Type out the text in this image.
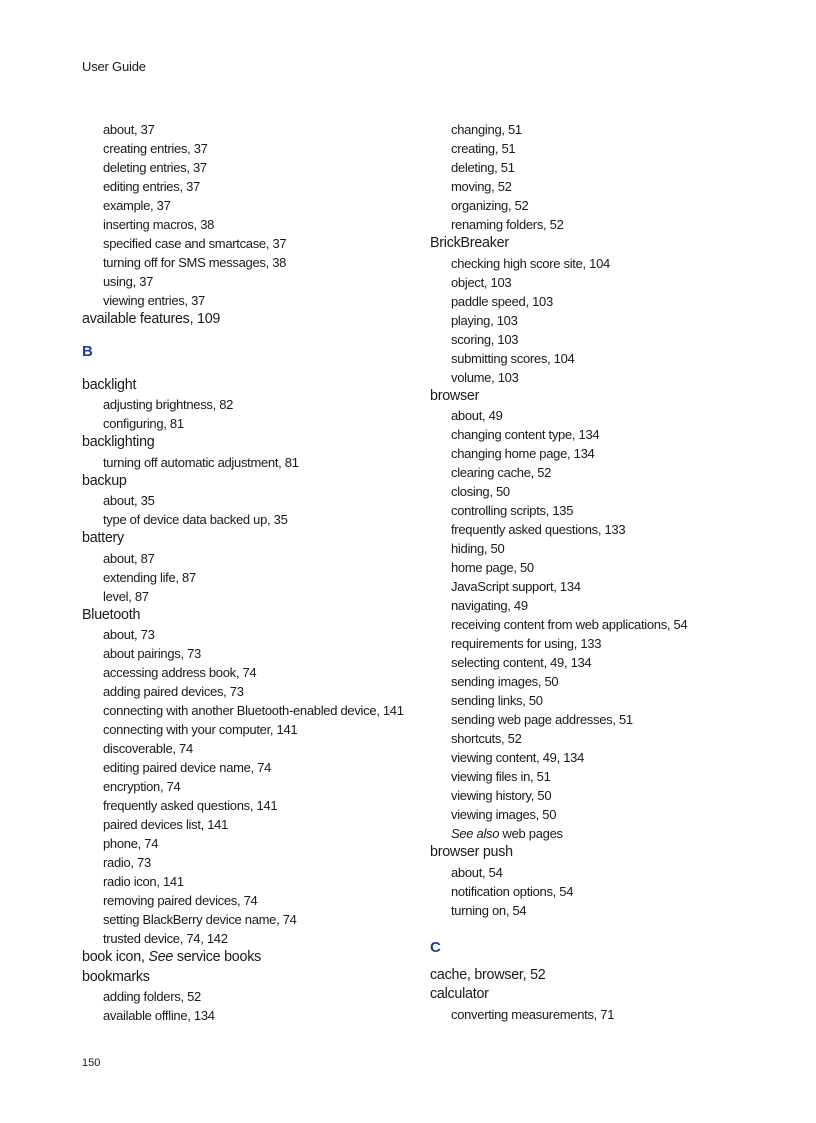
User Guide
about, 37
creating entries, 37
deleting entries, 37
editing entries, 37
example, 37
inserting macros, 38
specified case and smartcase, 37
turning off for SMS messages, 38
using, 37
viewing entries, 37
available features, 109
B
backlight
adjusting brightness, 82
configuring, 81
backlighting
turning off automatic adjustment, 81
backup
about, 35
type of device data backed up, 35
battery
about, 87
extending life, 87
level, 87
Bluetooth
about, 73
about pairings, 73
accessing address book, 74
adding paired devices, 73
connecting with another Bluetooth-enabled device, 141
connecting with your computer, 141
discoverable, 74
editing paired device name, 74
encryption, 74
frequently asked questions, 141
paired devices list, 141
phone, 74
radio, 73
radio icon, 141
removing paired devices, 74
setting BlackBerry device name, 74
trusted device, 74, 142
book icon, See service books
bookmarks
adding folders, 52
available offline, 134
changing, 51
creating, 51
deleting, 51
moving, 52
organizing, 52
renaming folders, 52
BrickBreaker
checking high score site, 104
object, 103
paddle speed, 103
playing, 103
scoring, 103
submitting scores, 104
volume, 103
browser
about, 49
changing content type, 134
changing home page, 134
clearing cache, 52
closing, 50
controlling scripts, 135
frequently asked questions, 133
hiding, 50
home page, 50
JavaScript support, 134
navigating, 49
receiving content from web applications, 54
requirements for using, 133
selecting content, 49, 134
sending images, 50
sending links, 50
sending web page addresses, 51
shortcuts, 52
viewing content, 49, 134
viewing files in, 51
viewing history, 50
viewing images, 50
See also web pages
browser push
about, 54
notification options, 54
turning on, 54
C
cache, browser, 52
calculator
converting measurements, 71
150
